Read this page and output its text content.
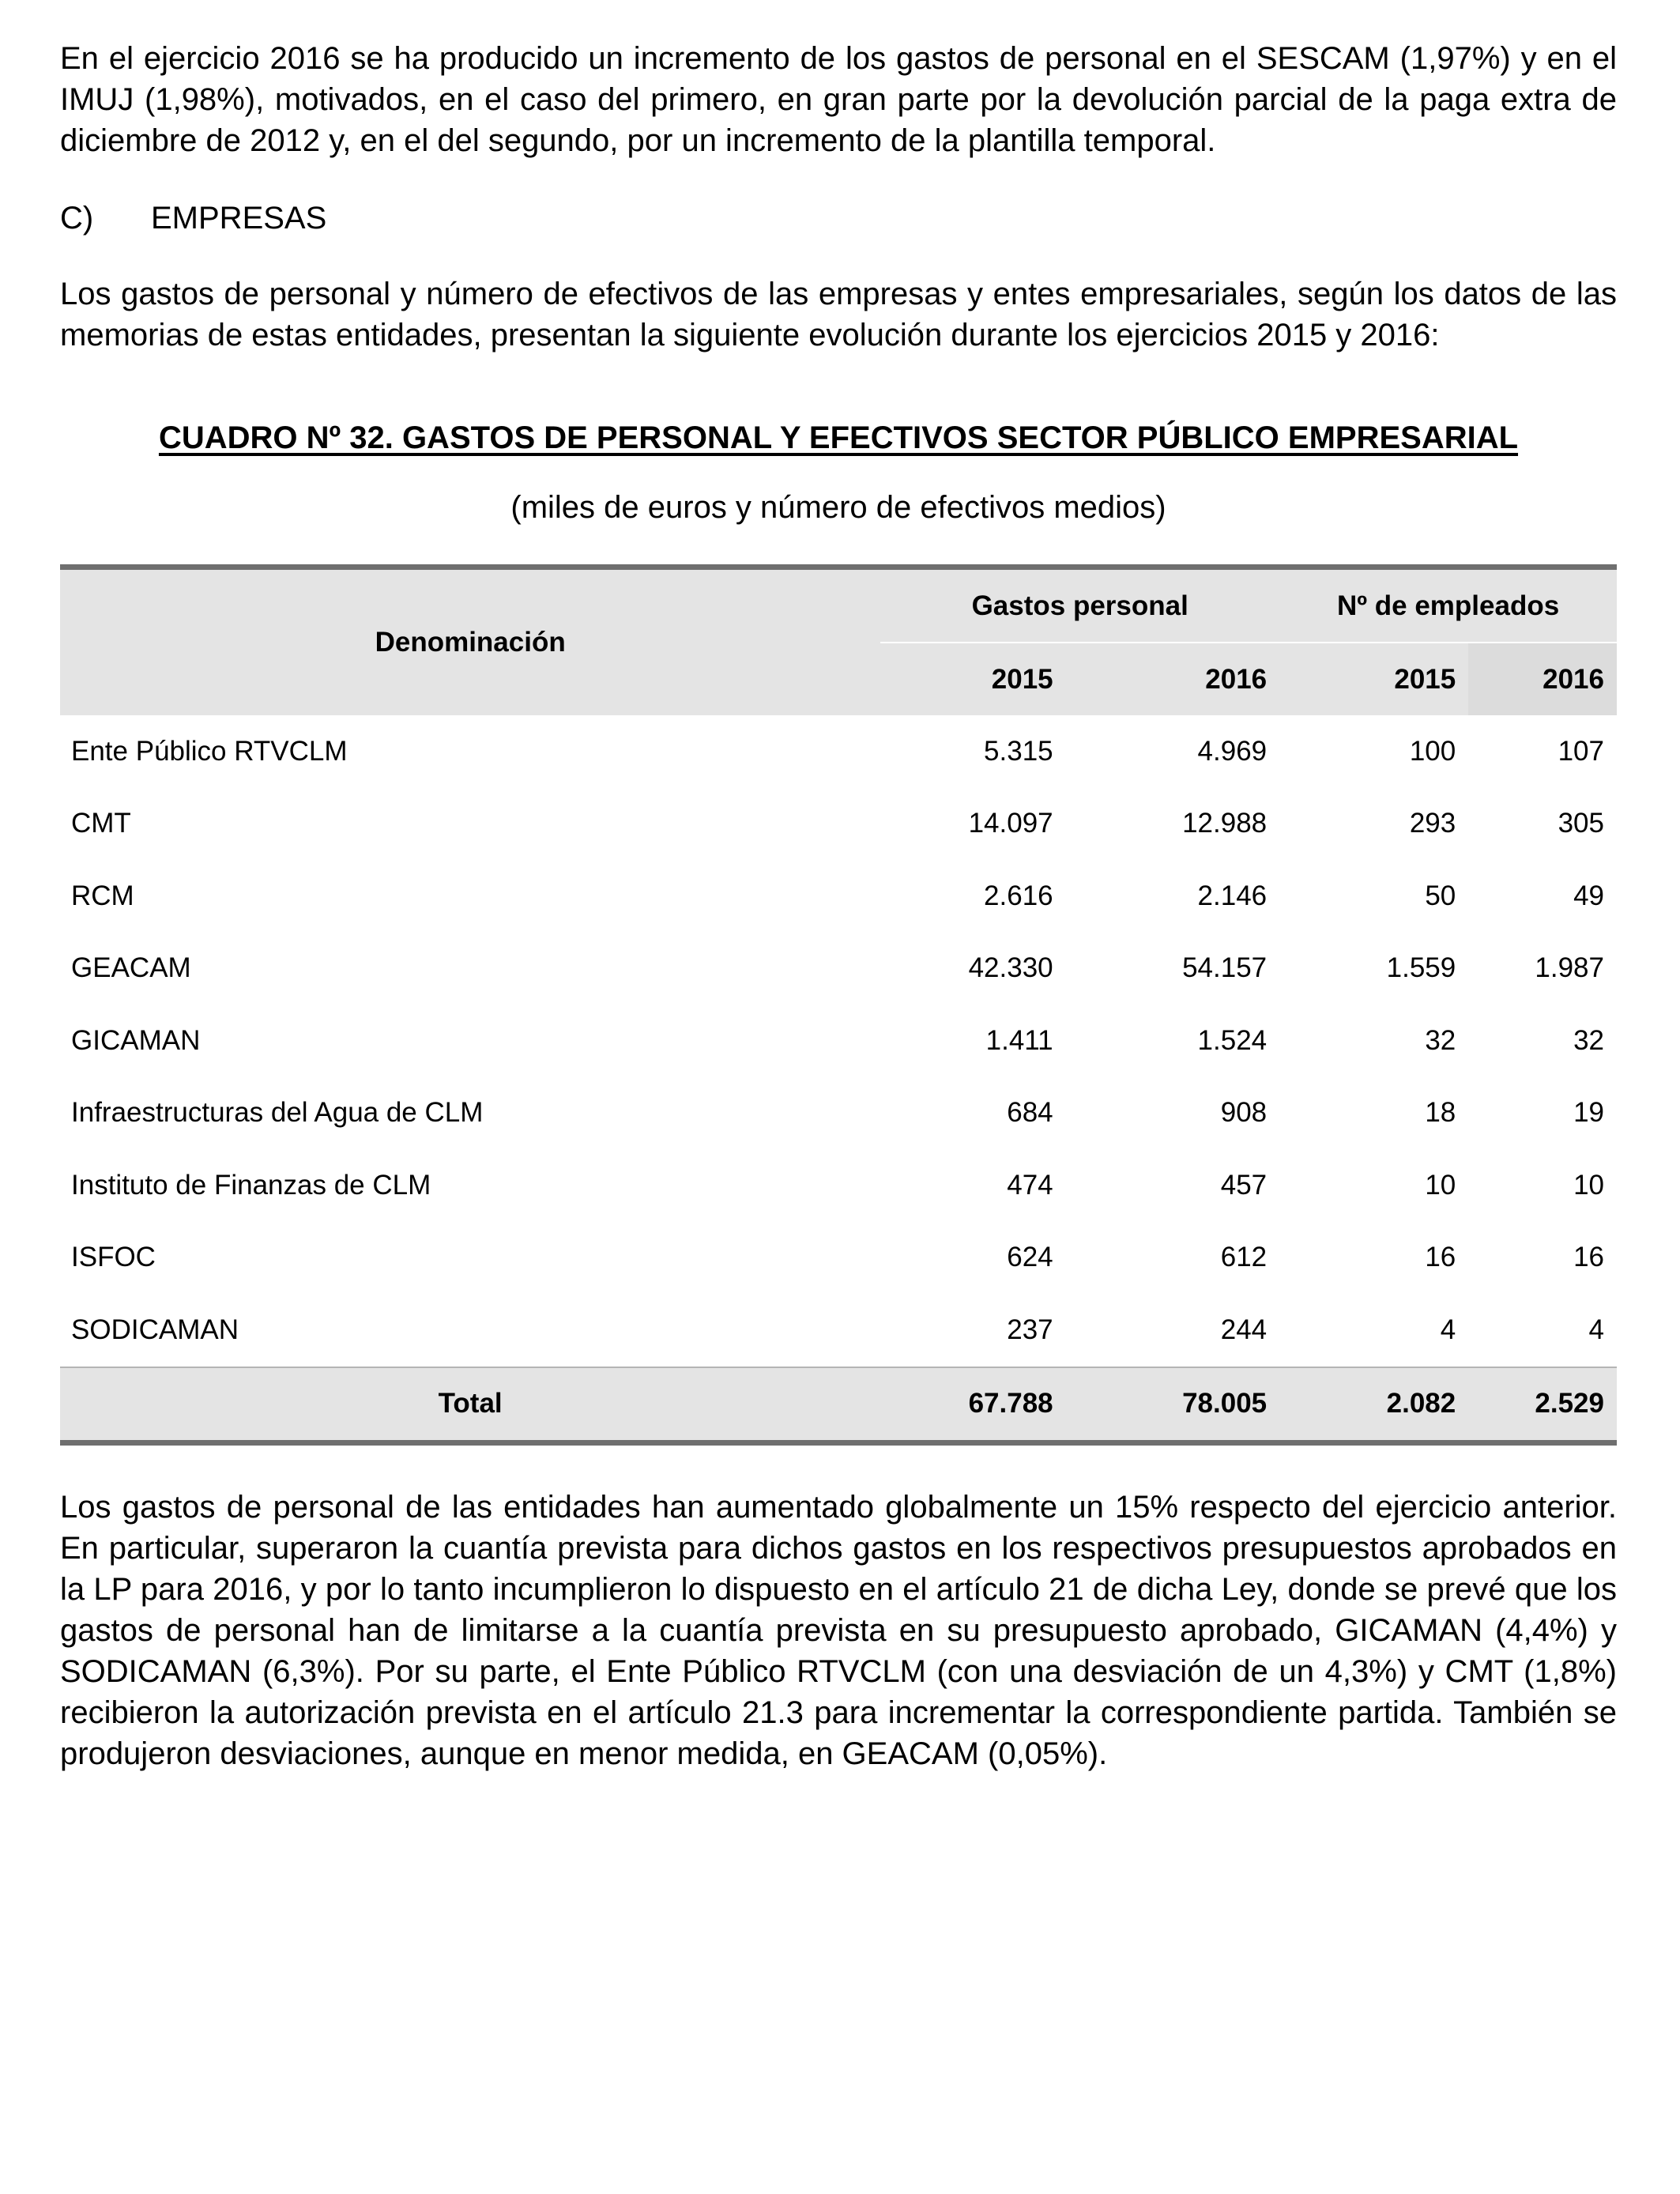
En el ejercicio 2016 se ha producido un incremento de los gastos de personal en el SESCAM (1,97%) y en el IMUJ (1,98%), motivados, en el caso del primero, en gran parte por la devolución parcial de la paga extra de diciembre de 2012 y, en el del segundo, por un incremento de la plantilla temporal.

C)	EMPRESAS

Los gastos de personal y número de efectivos de las empresas y entes empresariales, según los datos de las memorias de estas entidades, presentan la siguiente evolución durante los ejercicios 2015 y 2016:

CUADRO Nº 32. GASTOS DE PERSONAL Y EFECTIVOS SECTOR PÚBLICO EMPRESARIAL
(miles de euros y número de efectivos medios)
Denominación	Gastos personal		Nº de empleados	
	2015	2016	2015	2016
Ente Público RTVCLM	5.315	4.969	100	107
CMT	14.097	12.988	293	305
RCM	2.616	2.146	50	49
GEACAM	42.330	54.157	1.559	1.987
GICAMAN	1.411	1.524	32	32
Infraestructuras del Agua de CLM	684	908	18	19
Instituto de Finanzas de CLM	474	457	10	10
ISFOC	624	612	16	16
SODICAMAN	237	244	4	4
Total	67.788	78.005	2.082	2.529

Los gastos de personal de las entidades han aumentado globalmente un 15% respecto del ejercicio anterior. En particular, superaron la cuantía prevista para dichos gastos en los respectivos presupuestos aprobados en la LP para 2016, y por lo tanto incumplieron lo dispuesto en el artículo 21 de dicha Ley, donde se prevé que los gastos de personal han de limitarse a la cuantía prevista en su presupuesto aprobado, GICAMAN (4,4%) y SODICAMAN (6,3%). Por su parte, el Ente Público RTVCLM (con una desviación de un 4,3%) y CMT (1,8%) recibieron la autorización prevista en el artículo 21.3 para incrementar la correspondiente partida. También se produjeron desviaciones, aunque en menor medida, en GEACAM (0,05%).
